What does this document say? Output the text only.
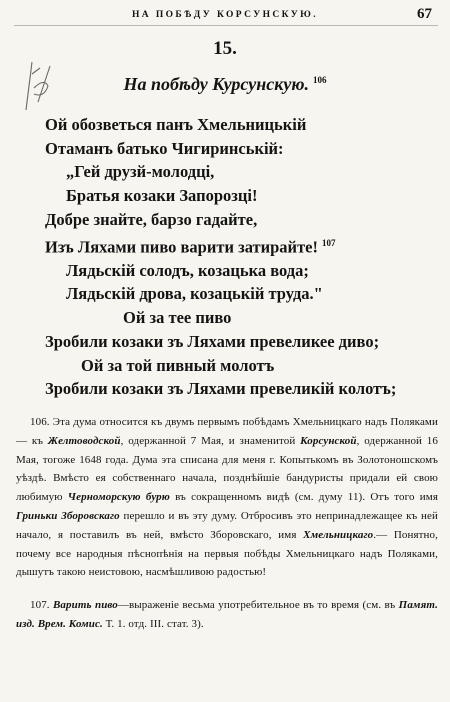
НА ПОБѢДУ КОРСУНСКУЮ.	67
15.
На побѣду Курсунскую. $^{106}$
Ой обозветься панъ Хмельницькій
Отаманъ батько Чигиринській:
„Гей друзй-молодці,
Братья козаки Запорозці!
Добре знайте, барзо гадайте,
Изъ Ляхами пиво варити затирайте! $^{107}$
Лядьскій солодъ, козацька вода;
Лядьскій дрова, козацькій труда."
Ой за тее пиво
Зробили козаки зъ Ляхами превеликее диво;
Ой за той пивный молотъ
Зробили козаки зъ Ляхами превеликій колотъ;

106. Эта дума относится къ двумъ первымъ побѣдамъ Хмельницкаго надъ Поляками — къ Желтоводской, одержанной 7 Мая, и знаменитой Корсунской, одержанной 16 Мая, тогоже 1648 года. Дума эта списана для меня г. Копытькомъ въ Золотоношскомъ уѣздѣ. Вмѣсто ея собственнаго начала, позднѣйшіе бандуристы придали ей свою любимую Черноморскую бурю въ сокращенномъ видѣ (см. думу 11). Отъ того имя Гриньки Зборовскаго перешло и въ эту думу. Отбросивъ это непринадлежащее къ ней начало, я поставилъ въ ней, вмѣсто Зборовскаго, имя Хмельницкаго.— Понятно, почему все народныя пѣснопѣнія на первыя побѣды Хмельницкаго надъ Поляками, дышутъ такою неистовою, насмѣшливою радостью!

107. Варить пиво—выраженіе весьма употребительное въ то время (см. въ Памят. изд. Врем. Комис. Т. 1. отд. III. стат. 3).
